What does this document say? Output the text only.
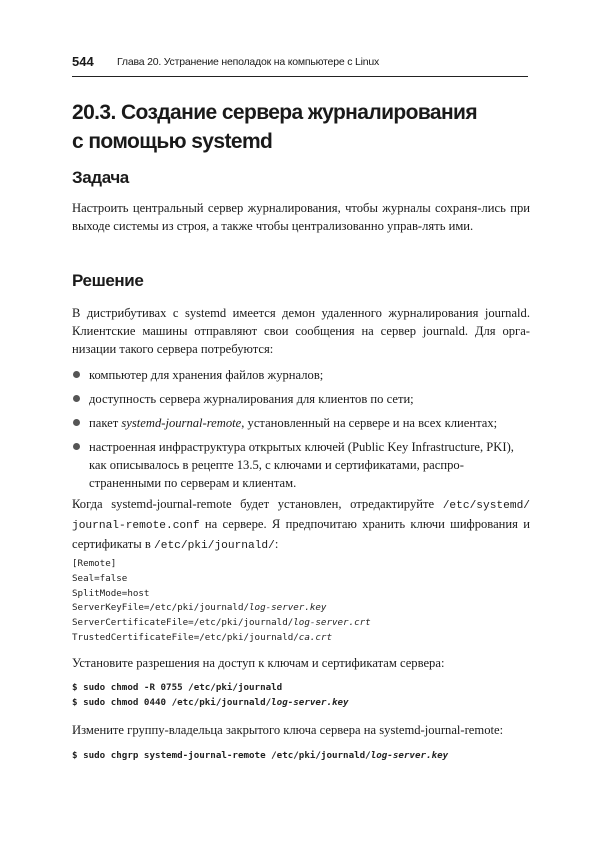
544 Глава 20. Устранение неполадок на компьютере с Linux
20.3. Создание сервера журналирования
с помощью systemd
Задача

Настроить центральный сервер журналирования, чтобы журналы сохраня-лись при выходе системы из строя, а также чтобы централизованно управ-лять ими.

Решение

В дистрибутивах с systemd имеется демон удаленного журналирования journald. Клиентские машины отправляют свои сообщения на сервер journald. Для орга-низации такого сервера потребуются:

компьютер для хранения файлов журналов;
доступность сервера журналирования для клиентов по сети;
пакет systemd-journal-remote, установленный на сервере и на всех клиентах;
настроенная инфраструктура открытых ключей (Public Key Infrastructure, PKI), как описывалось в рецепте 13.5, с ключами и сертификатами, распро-страненными по серверам и клиентам.

Когда systemd-journal-remote будет установлен, отредактируйте /etc/systemd/ journal-remote.conf на сервере. Я предпочитаю хранить ключи шифрования и сертификаты в /etc/pki/journald/:

[Remote]
Seal=false
SplitMode=host
ServerKeyFile=/etc/pki/journald/log-server.key
ServerCertificateFile=/etc/pki/journald/log-server.crt
TrustedCertificateFile=/etc/pki/journald/ca.crt

Установите разрешения на доступ к ключам и сертификатам сервера:

$ sudo chmod -R 0755 /etc/pki/journald
$ sudo chmod 0440 /etc/pki/journald/log-server.key

Измените группу-владельца закрытого ключа сервера на systemd-journal-remote:

$ sudo chgrp systemd-journal-remote /etc/pki/journald/log-server.key
